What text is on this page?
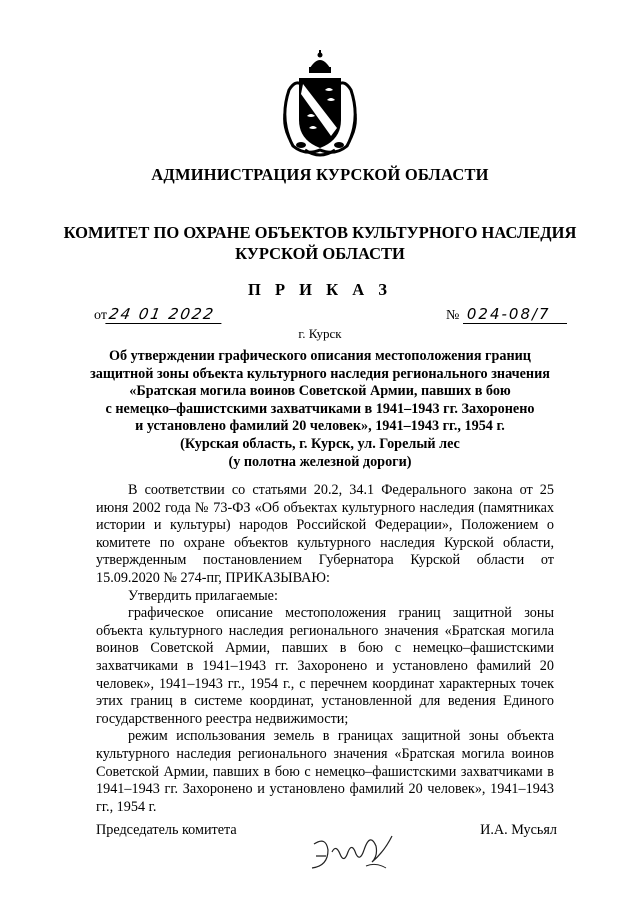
АДМИНИСТРАЦИЯ КУРСКОЙ ОБЛАСТИ
КОМИТЕТ ПО ОХРАНЕ ОБЪЕКТОВ КУЛЬТУРНОГО НАСЛЕДИЯ
КУРСКОЙ ОБЛАСТИ
П Р И К А З
от24 01 2022	№ 024-08/7
г. Курск
Об утверждении графического описания местоположения границ
защитной зоны объекта культурного наследия регионального значения
«Братская могила воинов Советской Армии, павших в бою
с немецко–фашистскими захватчиками в 1941–1943 гг. Захоронено
и установлено фамилий 20 человек», 1941–1943 гг., 1954 г.
(Курская область, г. Курск, ул. Горелый лес
(у полотна железной дороги)

В соответствии со статьями 20.2, 34.1 Федерального закона от 25 июня 2002 года № 73-ФЗ «Об объектах культурного наследия (памятниках истории и культуры) народов Российской Федерации», Положением о комитете по охране объектов культурного наследия Курской области, утвержденным постановлением Губернатора Курской области от 15.09.2020 № 274-пг, ПРИКАЗЫВАЮ:

Утвердить прилагаемые:

графическое описание местоположения границ защитной зоны объекта культурного наследия регионального значения «Братская могила воинов Советской Армии, павших в бою с немецко–фашистскими захватчиками в 1941–1943 гг. Захоронено и установлено фамилий 20 человек», 1941–1943 гг., 1954 г., с перечнем координат характерных точек этих границ в системе координат, установленной для ведения Единого государственного реестра недвижимости;

режим использования земель в границах защитной зоны объекта культурного наследия регионального значения «Братская могила воинов Советской Армии, павших в бою с немецко–фашистскими захватчиками в 1941–1943 гг. Захоронено и установлено фамилий 20 человек», 1941–1943 гг., 1954 г.

Председатель комитета	И.А. Мусьял
